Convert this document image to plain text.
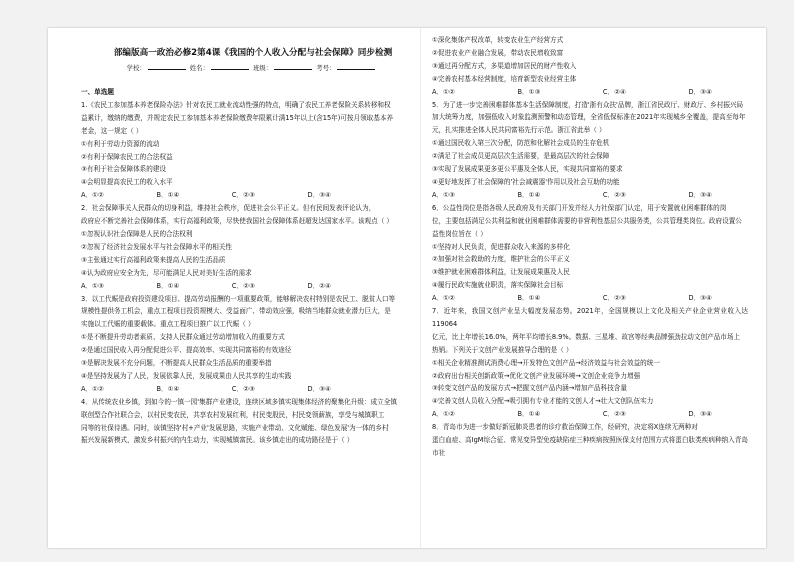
部编版高一政治必修2第4课《我国的个人收入分配与社会保障》同步检测
学校：	姓名：	班级：	考号：
一、单选题

1.《农民工参加基本养老保险办法》针对农民工就业流动性强的特点，明确了农民工养老保险关系转移和权

益累计，缴纳的缴费，并规定农民工参加基本养老保险缴费年限累计满15年以上(含15年)可按月领取基本养

老金，这一规定（ ）

①有利于劳动力资源的流动

②有利于保障农民工的合法权益

③有利于社会保障体系的建设

④会明显提高农民工的收入水平

A．①②	B．①④	C．②③	D．③④

2．社会保障事关人民群众的切身利益，维持社会秩序，促进社会公平正义。但有民间发表评论认为，

政府应不断完善社会保障体系，实行高福利政策，尽快使我国社会保障体系赶超发达国家水平。该观点（ ）

①忽视认识社会保障是人民的合法权利

②忽视了经济社会发展水平与社会保障水平的相关性

③主张通过实行高福利政策来提高人民的生活品质

④认为政府应安全为先，尽可能满足人民对美好生活的需求

A．①③	B．①④	C．②③	D．②④

3．以工代赈是政府投资建设项目、提高劳动报酬的一项重要政策，能够解决农村特别是农民工、脱贫人口等

规模性提供务工机会，重点工程项目投资规模大、受益面广、带动效应强，吸纳当地群众就业潜力巨大，是

实施以工代赈的重要载体。重点工程项目推广以工代赈（ ）

①是不断提升劳动者素质、支持人民群众通过劳动增加收入的重要方式

②是通过国民收入再分配促进公平、提高效率、实现共同富裕的有效途径

③是解决发展不充分问题，不断提高人民群众生活品质的重要举措

④是坚持发展为了人民，发展依靠人民，发展成果由人民共享的生动实践

A．①②	B．①④	C．②③	D．③④

4．从传统农业乡镇，到如今的一镇一园'集群产业建设，连续区域多镇实现集体经济的聚集化升级：成立全镇

联创型合作社联合会，以村民变农民，共享农村发展红利，村民变股民，村民变领薪族，享受与城镇职工

同等的社保待遇。同时，该镇坚持'村+产业'发展思路，实施产业带动、文化赋能、绿色发展'为一体的乡村

振兴发展新模式，激发乡村振兴的内生动力，实现城镇富民。该乡镇走出的成功路径是于（ ）

①深化集体产权改革，转变农业生产经营方式

②促进农业产业融合发展，带动农民增收致富

③通过再分配方式，多渠道增加居民的财产性收入

④完善农村基本经营制度，培育新型农业经营主体

A．①②	B．①③	C．②④	D．③④

5．为了进一步完善困难群体基本生活保障制度，打造'浙有众扶'品牌，浙江省民政厅、财政厅、乡村振兴局

加大统筹力度，加强低收入对象监测预警和动态管理，全省低保标准在2021年实现城乡全覆盖，提高至每年

元，扎实推进全体人民共同富裕先行示范。浙江省此举（ ）

①通过国民收入第三次分配，防范和化解社会成员的生存危机

②满足了社会成员更高层次生活需要，是最高层次的社会保障

③实现了发展成果更多更公平惠及全体人民，实现共同富裕的要求

④更好地发挥了社会保障的'社会减震器'作用以及社会互助的功能

A．①③	B．①④	C．②③	D．③④

6．公益性岗位是指各级人民政府及有关部门开发并经人力社保部门认定，用于安置就业困难群体的岗

位，主要包括满足公共利益和就业困难群体需要的非营利性基层公共服务类，公共管理类岗位。政府设置公

益性岗位旨在（ ）

①坚持对人民负责，促进群众收入来源的多样化

②加强对社会救助的力度，维护社会的公平正义

③维护就业困难群体利益，让发展成果惠及人民

④履行民政实施就业职责，落实保障社会目标

A．①②	B．①④	C．②③	D．③④

7．近年来，我国文创产业呈大幅度发展态势。2021年，全国规模以上文化及相关产业企业营业收入达119064

亿元，比上年增长16.0%，两年平均增长8.9%。数据、三星堆、故宫等经典品牌强劲拉动文创产品市场上

热销。下列关于文创产业发展推导合理的是（ ）

①相关企业精准测试消费心理→开发特色文创产品→经济效益与社会效益的统一

②政府出台相关创新政策→优化文创产业发展环境→文创企业竞争力增强

③转变文创产品的发展方式→把握文创产品内涵→增加产品科技含量

④完善文创人员收入分配→吸引拥有专业才能的文创人才→壮大文创队伍实力

A．①②	B．①④	C．②③	D．③④

8．青岛市为进一步做好新冠肺炎患者的诊疗救治保障工作，经研究，决定将X连续无两种对

蛋白血症、高IgM综合征、常见变异型免疫缺陷症三种疾病按照医保支付范围方式将蛋白肽类疾病种纳入青岛市社
